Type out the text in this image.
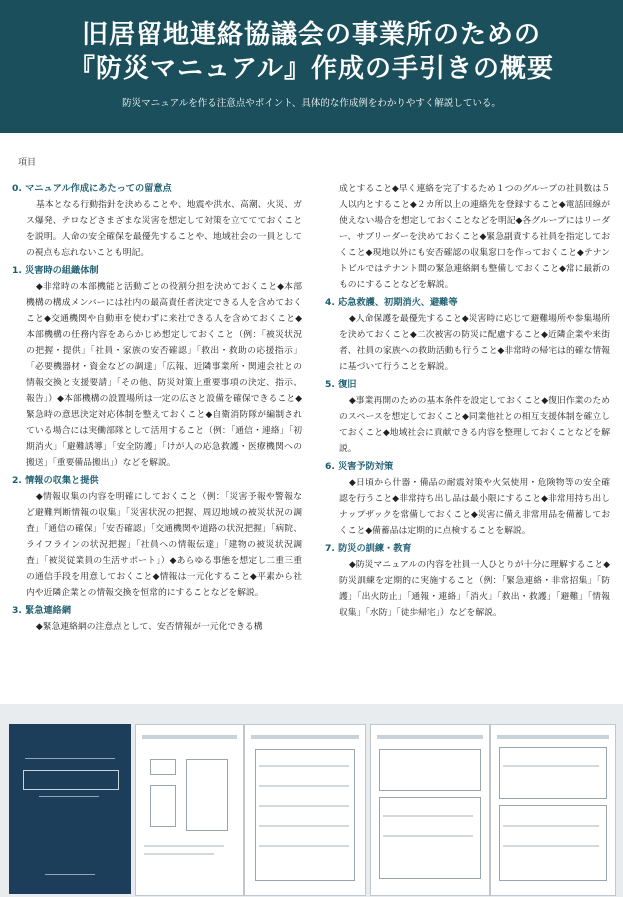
旧居留地連絡協議会の事業所のための
『防災マニュアル』作成の手引きの概要
防災マニュアルを作る注意点やポイント、具体的な作成例をわかりやすく解説している。
項目
0. マニュアル作成にあたっての留意点
基本となる行動指針を決めることや、地震や洪水、高潮、火災、ガス爆発、テロなどさまざまな災害を想定して対策を立ててておくことを説明。人命の安全確保を最優先することや、地域社会の一員としての視点も忘れないことも明記。
1. 災害時の組織体制
◆非常時の本部機能と活動ごとの役割分担を決めておくこと◆本部機構の構成メンバーには社内の最高責任者決定できる人を含めておくこと◆交通機関や自動車を使わずに来社できる人を含めておくこと◆本部機構の任務内容をあらかじめ想定しておくこと（例：「被災状況の把握・提供」「社員・家族の安否確認」「救出・救助の応援指示」「必要機器材・資金などの調達」「広報、近隣事業所・関連会社との情報交換と支援要請」「その他、防災対策上重要事項の決定、指示、報告」）◆本部機構の設置場所は一定の広さと設備を確保できること◆緊急時の意思決定対応体制を整えておくこと◆自衛消防隊が編制されている場合には実働部隊として活用すること（例：「通信・連絡」「初期消火」「避難誘導」「安全防護」「けが人の応急救護・医療機関への搬送」「重要備品搬出」）などを解説。
2. 情報の収集と提供
◆情報収集の内容を明確にしておくこと（例：「災害予報や警報など避難判断情報の収集」「災害状況の把握、周辺地域の被災状況の調査」「通信の確保」「安否確認」「交通機関や道路の状況把握」「病院、ライフラインの状況把握」「社員への情報伝達」「建物の被災状況調査」「被災従業員の生活サポート」）◆あらゆる事態を想定し二重三重の通信手段を用意しておくこと◆情報は一元化すること◆平素から社内や近隣企業との情報交換を恒常的にすることなどを解説。
3. 緊急連絡網
◆緊急連絡網の注意点として、安否情報が一元化できる構
成とすること◆早く連絡を完了するため１つのグループの社員数は５人以内とすること◆２カ所以上の連絡先を登録すること◆電話回線が使えない場合を想定しておくことなどを明記◆各グループにはリーダー、サブリーダーを決めておくこと◆緊急副責する社員を指定しておくこと◆現地以外にも安否確認の収集窓口を作っておくこと◆テナントビルではテナント間の緊急連絡網も整備しておくこと◆常に最新のものにすることなどを解説。
4. 応急救護、初期消火、避難等
◆人命保護を最優先すること◆災害時に応じて避難場所や参集場所を決めておくこと◆二次被害の防災に配慮すること◆近隣企業や来街者、社員の家族への救助活動も行うこと◆非常時の帰宅は的確な情報に基づいて行うことを解説。
5. 復旧
◆事業再開のための基本条件を設定しておくこと◆復旧作業のためのスペースを想定しておくこと◆同業他社との相互支援体制を確立しておくこと◆地域社会に貢献できる内容を整理しておくことなどを解説。
6. 災害予防対策
◆日頃から什器・備品の耐震対策や火気使用・危険物等の安全確認を行うこと◆非常持ち出し品は最小限にすること◆非常用持ち出しナップザックを常備しておくこと◆災害に備え非常用品を備蓄しておくこと◆備蓄品は定期的に点検することを解説。
7. 防災の訓練・教育
◆防災マニュアルの内容を社員一人ひとりが十分に理解すること◆防災訓練を定期的に実施すること（例：「緊急連絡・非常招集」「防護」「出火防止」「通報・連絡」「消火」「救出・救護」「避難」「情報収集」「水防」「徒歩帰宅」）などを解説。
